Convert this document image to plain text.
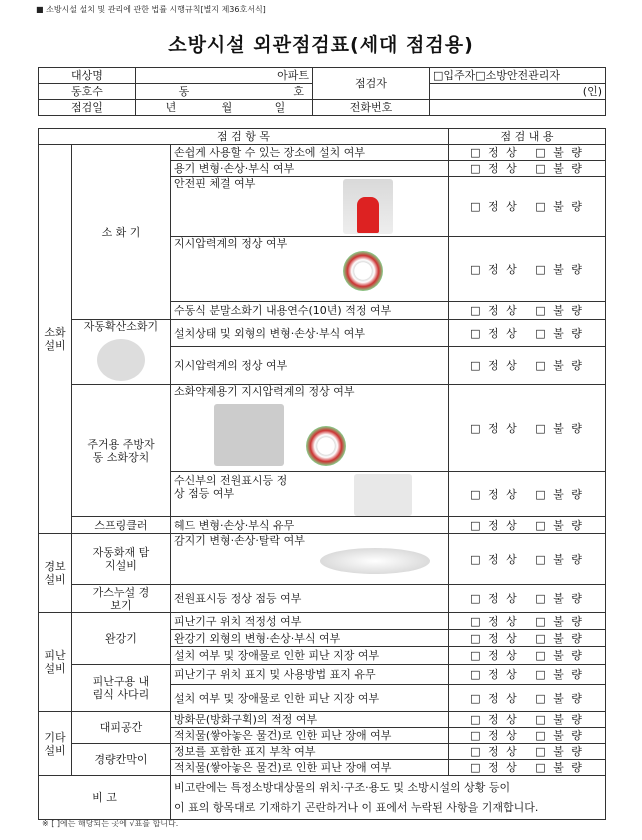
■ 소방시설 설치 및 관리에 관한 법률 시행규칙[별지 제36호서식]
소방시설 외관점검표(세대 점검용)
대상명	아파트	점검자	□입주자□소방안전관리자
동호수	동 호		(인)
점검일	년 월 일	전화번호	
점 검 항 목			점 검 내 용
소화 설비	소 화 기	손쉽게 사용할 수 있는 장소에 설치 여부	□ 정 상 □ 불 량
		용기 변형·손상·부식 여부	□ 정 상 □ 불 량
		안전핀 체결 여부	□ 정 상 □ 불 량
		지시압력계의 정상 여부	□ 정 상 □ 불 량
		수동식 분말소화기 내용연수(10년) 적정 여부	□ 정 상 □ 불 량

	자동확산소화기	설치상태 및 외형의 변형·손상·부식 여부	□ 정 상 □ 불 량
		지시압력계의 정상 여부	□ 정 상 □ 불 량
	주거용 주방자동 소화장치	소화약제용기 지시압력계의 정상 여부	□ 정 상 □ 불 량

		수신부의 전원표시등 정상 점등 여부	□ 정 상 □ 불 량
	스프링클러	헤드 변형·손상·부식 유무	□ 정 상 □ 불 량
경보 설비	자동화재 탐지설비	감지기 변형·손상·탈락 여부	□ 정 상 □ 불 량
	가스누설 경보기	전원표시등 정상 점등 여부	□ 정 상 □ 불 량
피난 설비	완강기	피난기구 위치 적정성 여부	□ 정 상 □ 불 량
		완강기 외형의 변형·손상·부식 여부	□ 정 상 □ 불 량
		설치 여부 및 장애물로 인한 피난 지장 여부	□ 정 상 □ 불 량
	피난구용 내림식 사다리	피난기구 위치 표지 및 사용방법 표지 유무	□ 정 상 □ 불 량
		설치 여부 및 장애물로 인한 피난 지장 여부	□ 정 상 □ 불 량
기타 설비	대피공간	방화문(방화구획)의 적정 여부	□ 정 상 □ 불 량
		적치물(쌓아놓은 물건)로 인한 피난 장애 여부	□ 정 상 □ 불 량
	경량칸막이	정보를 포함한 표지 부착 여부	□ 정 상 □ 불 량
		적치물(쌓아놓은 물건)로 인한 피난 장애 여부	□ 정 상 □ 불 량
비 고		비고란에는 특정소방대상물의 위치·구조·용도 및 소방시설의 상황 등이
이 표의 항목대로 기재하기 곤란하거나 이 표에서 누락된 사항을 기재합니다.	
※ [ ]에는 해당되는 곳에 √표를 합니다.
